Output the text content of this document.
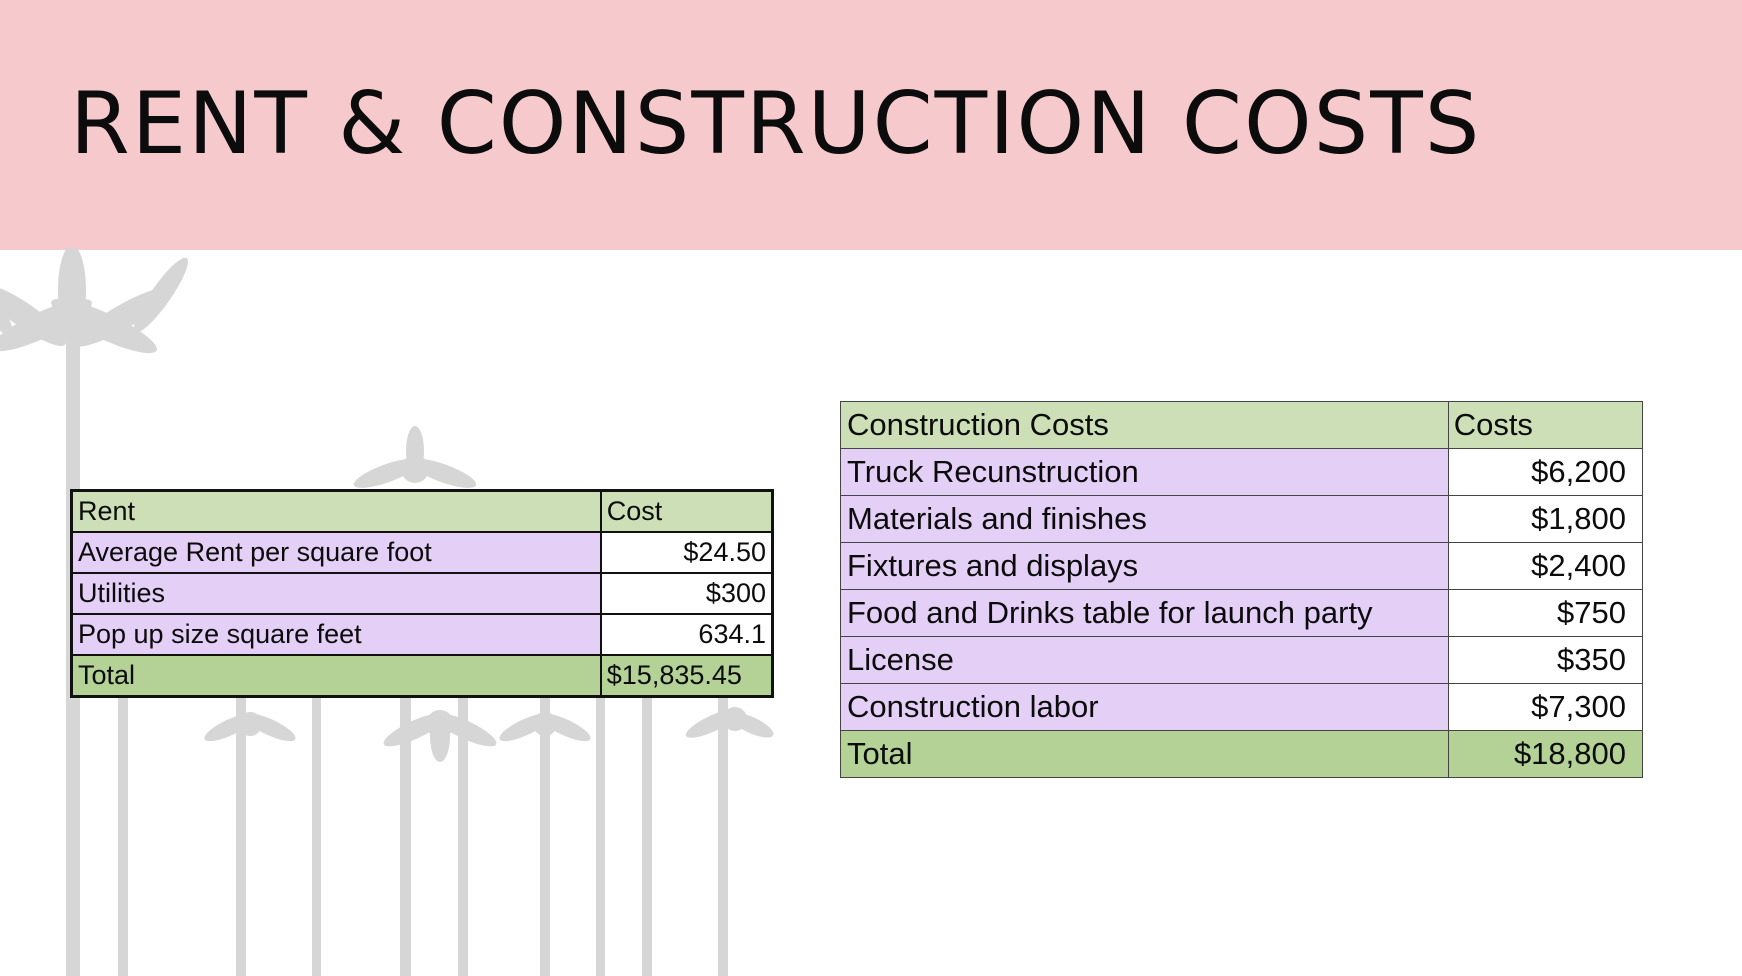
RENT & CONSTRUCTION COSTS
Rent	Cost
Average Rent per square foot	$24.50
Utilities	$300
Pop up size square feet	634.1
Total	$15,835.45
Construction Costs	Costs
Truck Recunstruction	$6,200
Materials and finishes	$1,800
Fixtures and displays	$2,400
Food and Drinks table for launch party	$750
License	$350
Construction labor	$7,300
Total	$18,800
